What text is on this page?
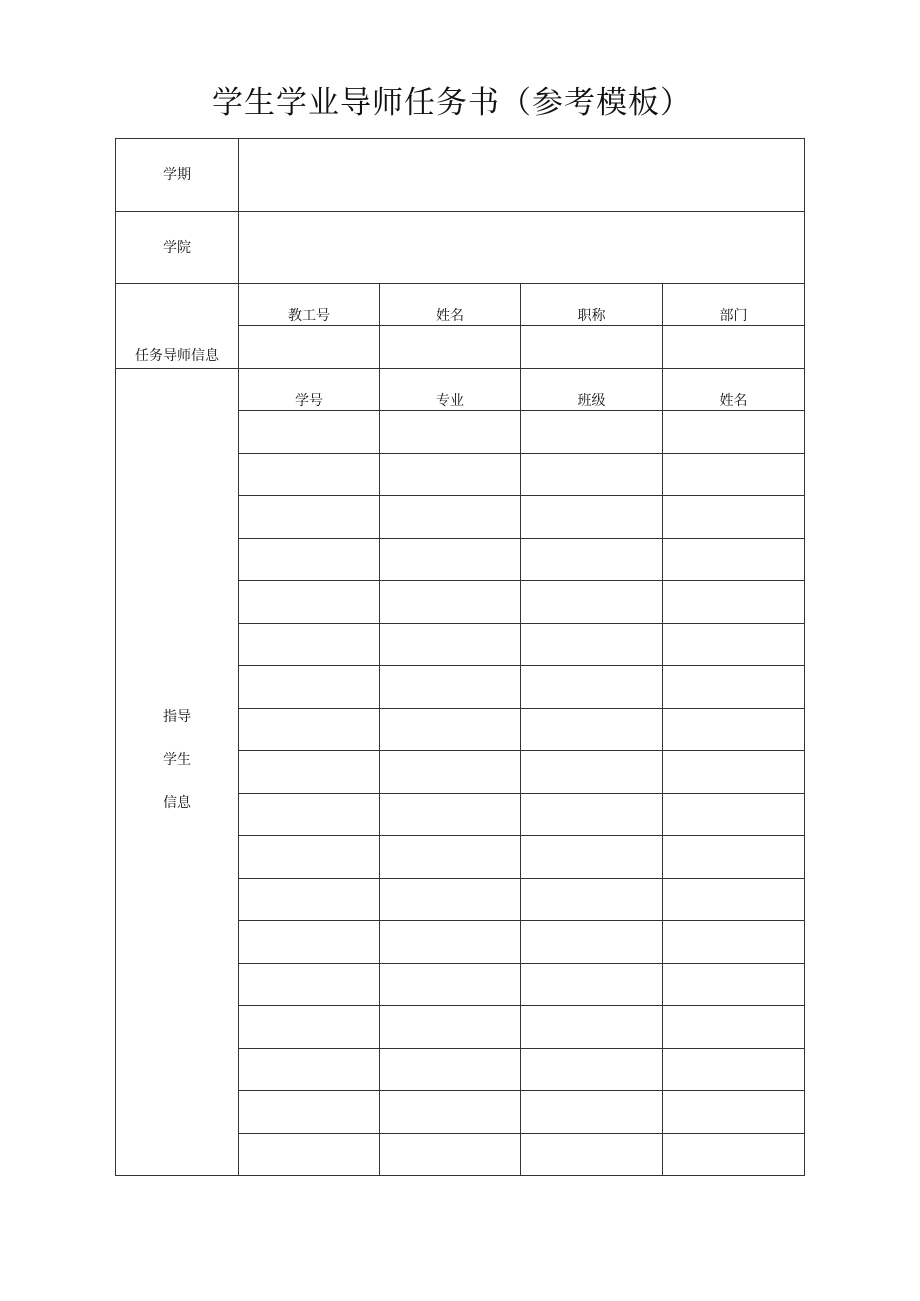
学生学业导师任务书（参考模板）
学期				
学院				
任务导师信息	教工号	姓名	职称	部门

指导
学生
信息	学号	专业	班级	姓名
